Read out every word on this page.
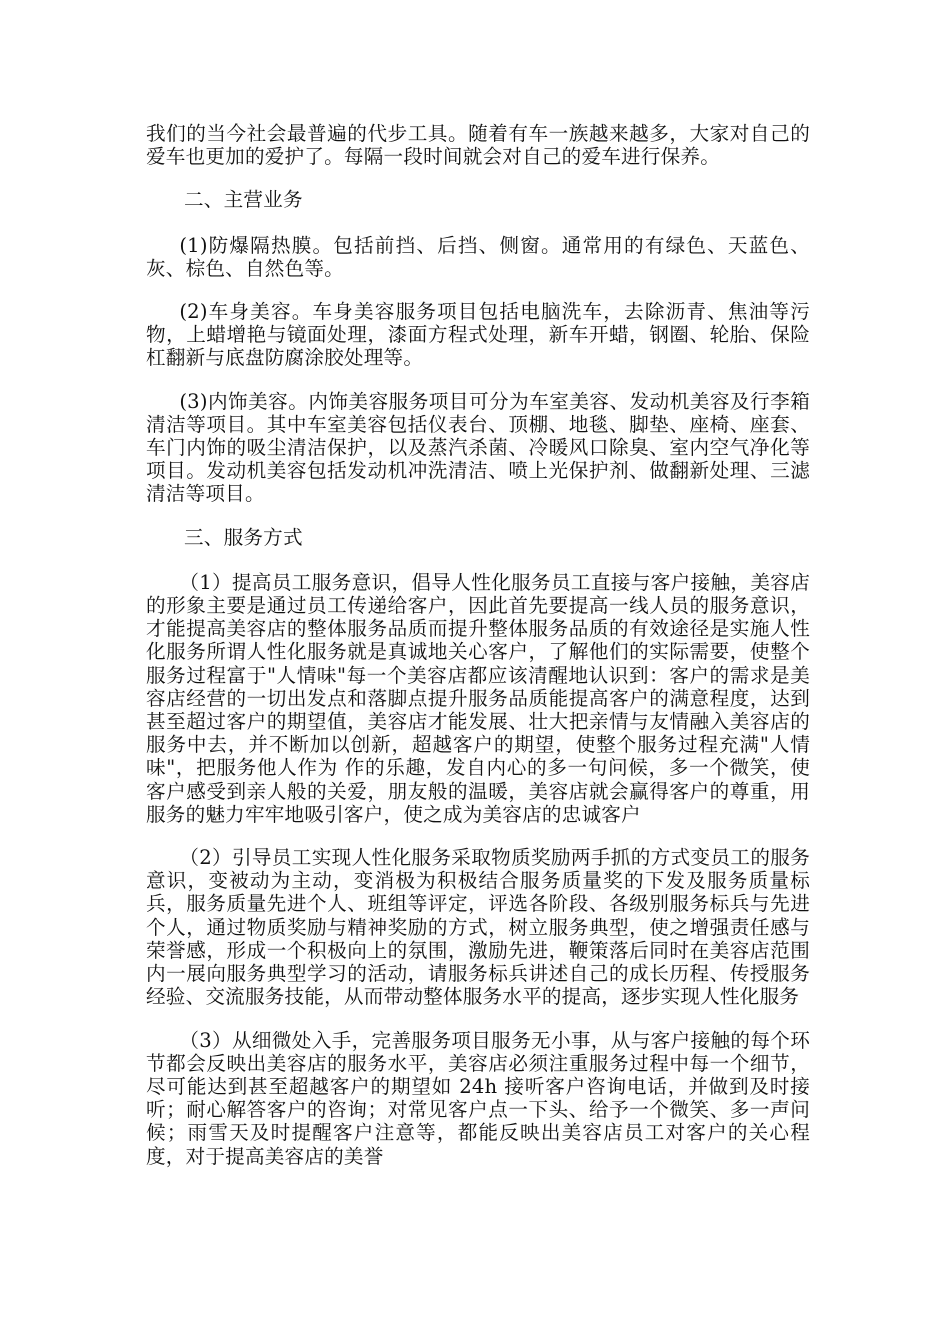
我们的当今社会最普遍的代步工具。随着有车一族越来越多，大家对自己的爱车也更加的爱护了。每隔一段时间就会对自己的爱车进行保养。

二、主营业务

(1)防爆隔热膜。包括前挡、后挡、侧窗。通常用的有绿色、天蓝色、灰、棕色、自然色等。

(2)车身美容。车身美容服务项目包括电脑洗车，去除沥青、焦油等污物，上蜡增艳与镜面处理，漆面方程式处理，新车开蜡，钢圈、轮胎、保险杠翻新与底盘防腐涂胶处理等。

(3)内饰美容。内饰美容服务项目可分为车室美容、发动机美容及行李箱清洁等项目。其中车室美容包括仪表台、顶棚、地毯、脚垫、座椅、座套、车门内饰的吸尘清洁保护，以及蒸汽杀菌、冷暖风口除臭、室内空气净化等项目。发动机美容包括发动机冲洗清洁、喷上光保护剂、做翻新处理、三滤清洁等项目。

三、服务方式

（1）提高员工服务意识，倡导人性化服务员工直接与客户接触，美容店的形象主要是通过员工传递给客户，因此首先要提高一线人员的服务意识，才能提高美容店的整体服务品质而提升整体服务品质的有效途径是实施人性化服务所谓人性化服务就是真诚地关心客户，了解他们的实际需要，使整个服务过程富于"人情味"每一个美容店都应该清醒地认识到：客户的需求是美容店经营的一切出发点和落脚点提升服务品质能提高客户的满意程度，达到甚至超过客户的期望值，美容店才能发展、壮大把亲情与友情融入美容店的服务中去，并不断加以创新，超越客户的期望，使整个服务过程充满"人情味"，把服务他人作为 作的乐趣，发自内心的多一句问候，多一个微笑，使客户感受到亲人般的关爱，朋友般的温暖，美容店就会赢得客户的尊重，用服务的魅力牢牢地吸引客户，使之成为美容店的忠诚客户

（2）引导员工实现人性化服务采取物质奖励两手抓的方式变员工的服务意识，变被动为主动，变消极为积极结合服务质量奖的下发及服务质量标兵，服务质量先进个人、班组等评定，评选各阶段、各级别服务标兵与先进个人，通过物质奖励与精神奖励的方式，树立服务典型，使之增强责任感与荣誉感，形成一个积极向上的氛围，激励先进，鞭策落后同时在美容店范围内一展向服务典型学习的活动，请服务标兵讲述自己的成长历程、传授服务经验、交流服务技能，从而带动整体服务水平的提高，逐步实现人性化服务

（3）从细微处入手，完善服务项目服务无小事，从与客户接触的每个环节都会反映出美容店的服务水平，美容店必须注重服务过程中每一个细节，尽可能达到甚至超越客户的期望如 24h 接听客户咨询电话，并做到及时接听；耐心解答客户的咨询；对常见客户点一下头、给予一个微笑、多一声问候；雨雪天及时提醒客户注意等，都能反映出美容店员工对客户的关心程度，对于提高美容店的美誉
